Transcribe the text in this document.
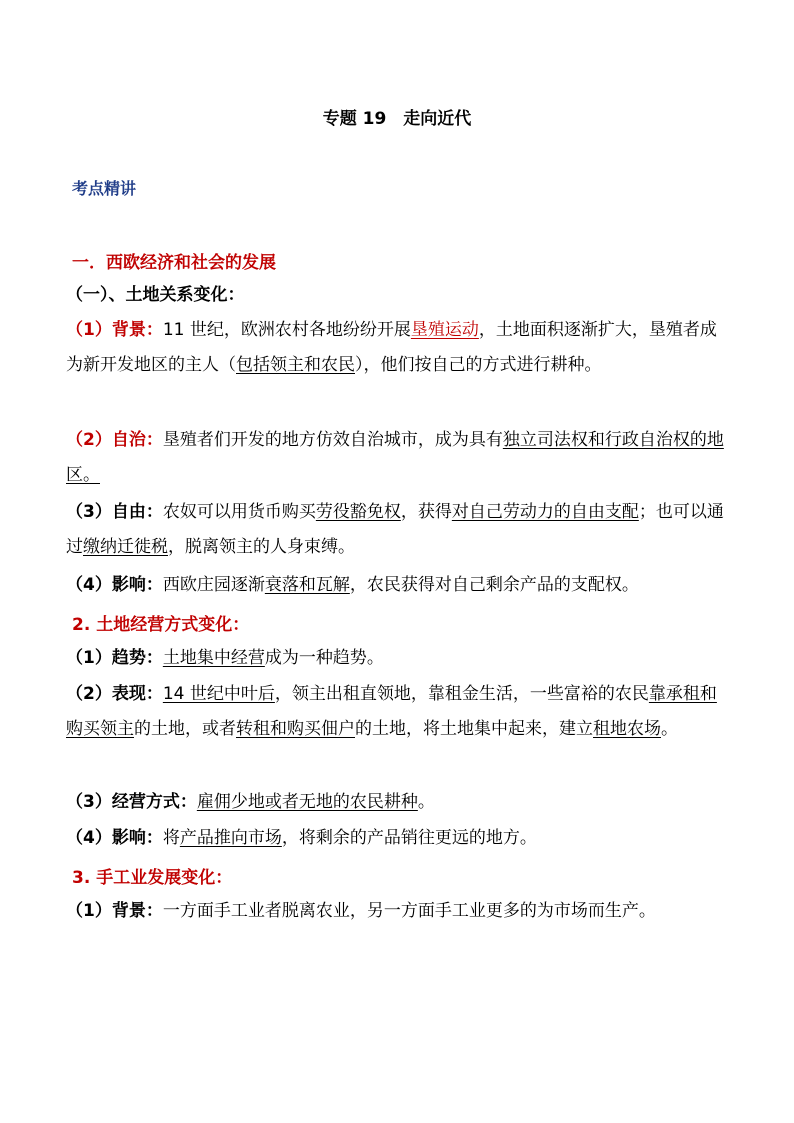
专题 19　走向近代
考点精讲
一．西欧经济和社会的发展
（一）、土地关系变化：
（1）背景：11 世纪，欧洲农村各地纷纷开展垦殖运动，土地面积逐渐扩大，垦殖者成为新开发地区的主人（包括领主和农民），他们按自己的方式进行耕种。
（2）自治：垦殖者们开发的地方仿效自治城市，成为具有独立司法权和行政自治权的地区。
（3）自由：农奴可以用货币购买劳役豁免权，获得对自己劳动力的自由支配；也可以通过缴纳迁徙税，脱离领主的人身束缚。
（4）影响：西欧庄园逐渐衰落和瓦解，农民获得对自己剩余产品的支配权。
2. 土地经营方式变化：
（1）趋势：土地集中经营成为一种趋势。
（2）表现：14 世纪中叶后，领主出租直领地，靠租金生活，一些富裕的农民靠承租和购买领主的土地，或者转租和购买佃户的土地，将土地集中起来，建立租地农场。
（3）经营方式：雇佣少地或者无地的农民耕种。
（4）影响：将产品推向市场，将剩余的产品销往更远的地方。
3. 手工业发展变化：
（1）背景：一方面手工业者脱离农业，另一方面手工业更多的为市场而生产。
